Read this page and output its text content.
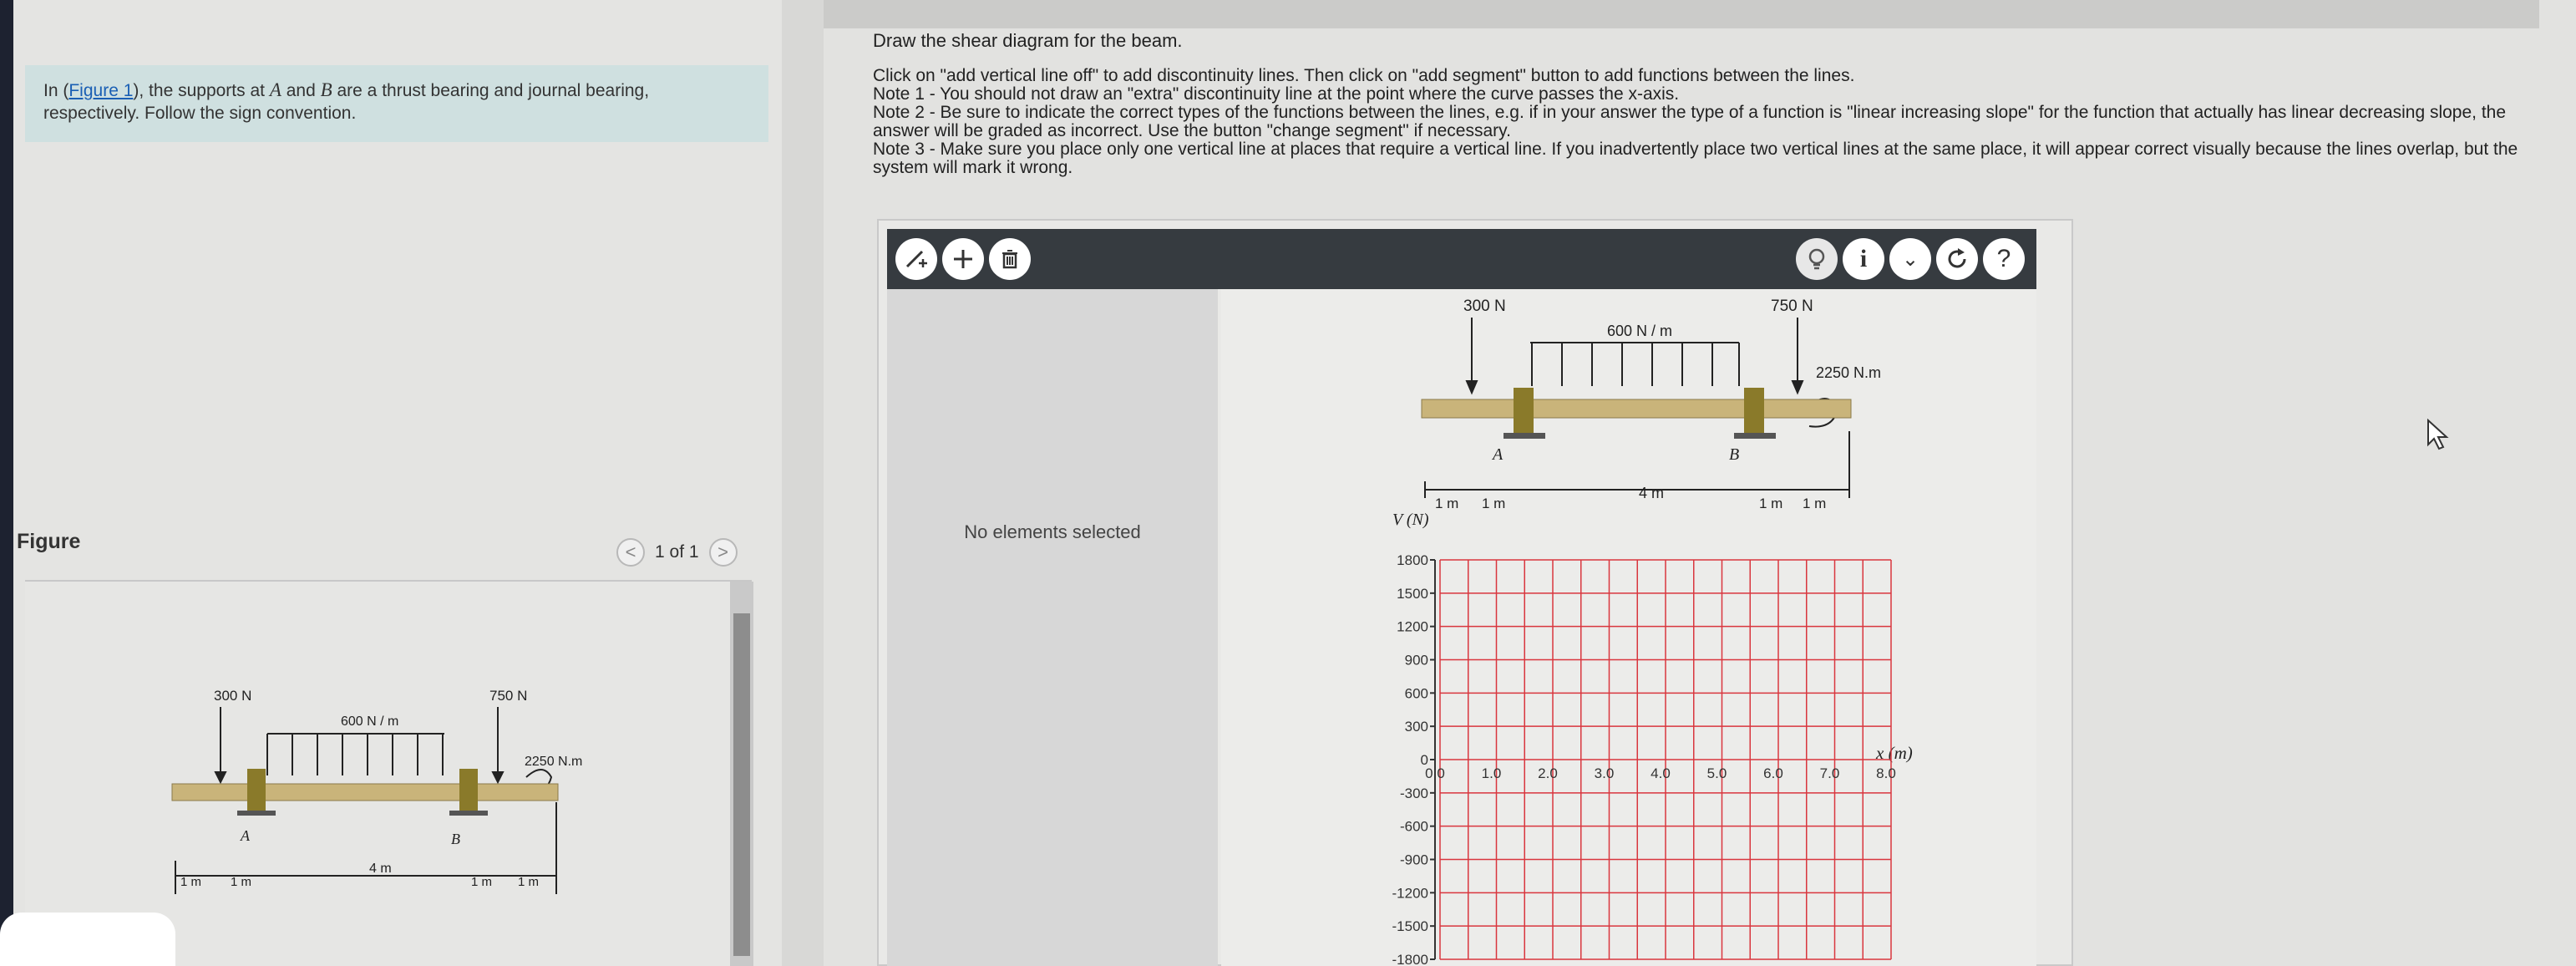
In (Figure 1), the supports at A and B are a thrust bearing and journal bearing, respectively. Follow the sign convention.
Figure	<	1 of 1	>
300 N
600 N / m
750 N
2250 N.m
A	B
4 m
1 m 1 m	1 m 1 m

Draw the shear diagram for the beam.

Click on "add vertical line off" to add discontinuity lines. Then click on "add segment" button to add functions between the lines.

Note 1 - You should not draw an "extra" discontinuity line at the point where the curve passes the x-axis.

Note 2 - Be sure to indicate the correct types of the functions between the lines, e.g. if in your answer the type of a function is "linear increasing slope" for the function that actually has linear decreasing slope, the answer will be graded as incorrect. Use the button "change segment" if necessary.

Note 3 - Make sure you place only one vertical line at places that require a vertical line. If you inadvertently place two vertical lines at the same place, it will appear correct visually because the lines overlap, but the system will mark it wrong.

i	⌄	?
No elements selected
300 N
600 N / m
750 N
2250 N.m
A	B
4 m
1 m 1 m	1 m 1 m
V (N)
x (m)
1800
1500
1200
900
600
300
0
-300
-600
-900
-1200
-1500
-1800
0.0	1.0	2.0	3.0	4.0	5.0	6.0	7.0	8.0
